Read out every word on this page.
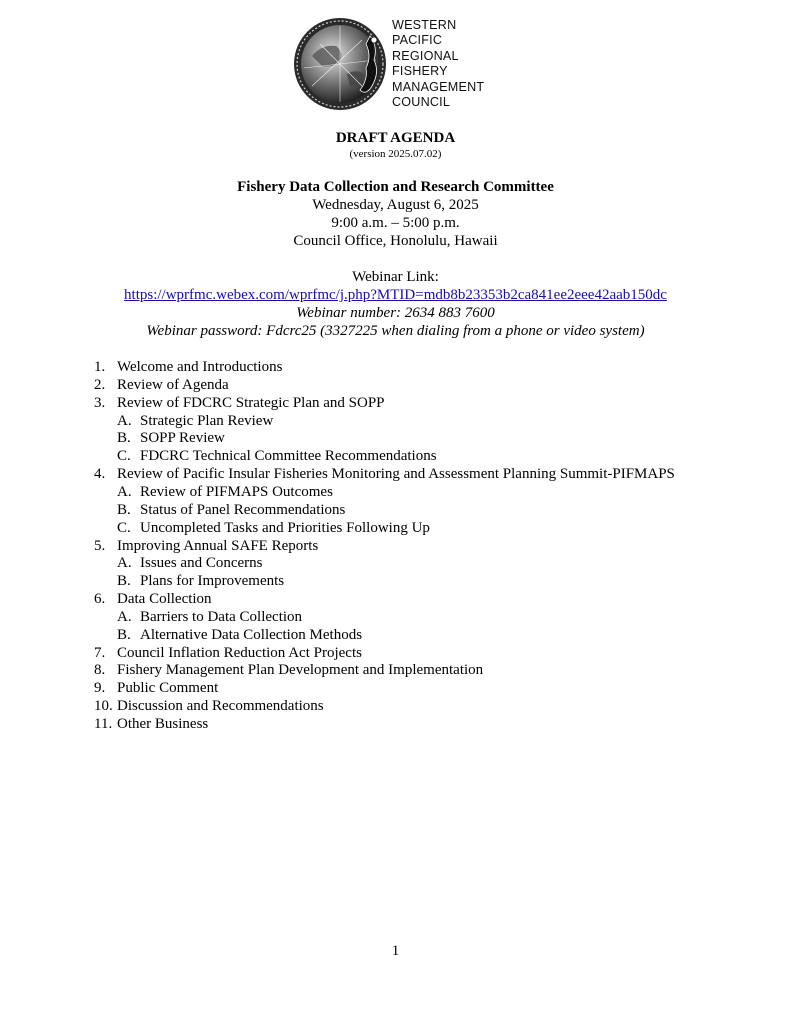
WESTERN
PACIFIC
REGIONAL
FISHERY
MANAGEMENT
COUNCIL
DRAFT AGENDA
(version 2025.07.02)
Fishery Data Collection and Research Committee
Wednesday, August 6, 2025
9:00 a.m. – 5:00 p.m.
Council Office, Honolulu, Hawaii
Webinar Link:
https://wprfmc.webex.com/wprfmc/j.php?MTID=mdb8b23353b2ca841ee2eee42aab150dc
Webinar number: 2634 883 7600
Webinar password: Fdcrc25 (3327225 when dialing from a phone or video system)
1. Welcome and Introductions
2. Review of Agenda
3. Review of FDCRC Strategic Plan and SOPP
A. Strategic Plan Review
B. SOPP Review
C. FDCRC Technical Committee Recommendations
4. Review of Pacific Insular Fisheries Monitoring and Assessment Planning Summit-PIFMAPS
A. Review of PIFMAPS Outcomes
B. Status of Panel Recommendations
C. Uncompleted Tasks and Priorities Following Up
5. Improving Annual SAFE Reports
A. Issues and Concerns
B. Plans for Improvements
6. Data Collection
A. Barriers to Data Collection
B. Alternative Data Collection Methods
7. Council Inflation Reduction Act Projects
8. Fishery Management Plan Development and Implementation
9. Public Comment
10. Discussion and Recommendations
11. Other Business
1
